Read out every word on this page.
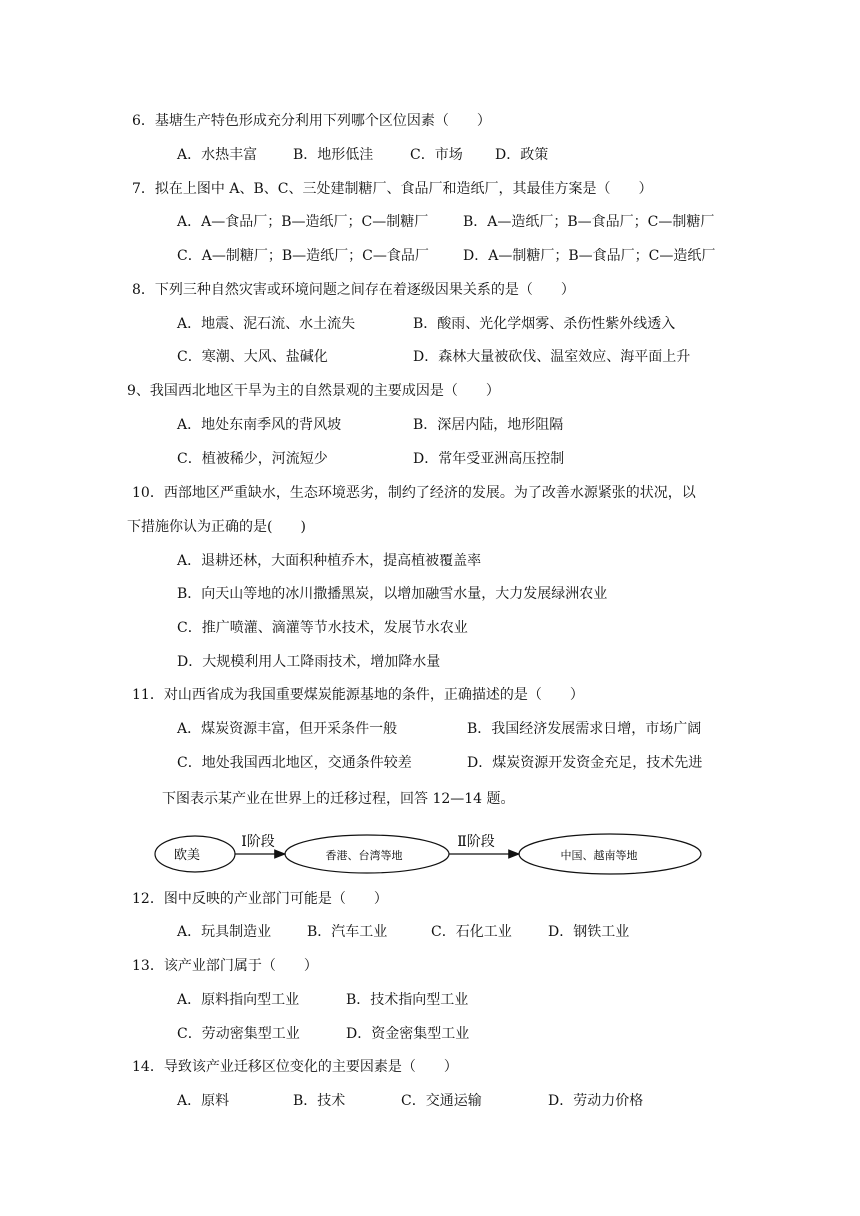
6．基塘生产特色形成充分利用下列哪个区位因素（　　）
A．水热丰富	B．地形低洼	C．市场 D．政策
7．拟在上图中 A、B、C、三处建制糖厂、食品厂和造纸厂，其最佳方案是（　　）
A．A—食品厂；B—造纸厂；C—制糖厂 B．A—造纸厂；B—食品厂；C—制糖厂
C．A—制糖厂；B—造纸厂；C—食品厂 D．A—制糖厂；B—食品厂；C—造纸厂
8．下列三种自然灾害或环境问题之间存在着逐级因果关系的是（　　）
A．地震、泥石流、水土流失	B．酸雨、光化学烟雾、杀伤性紫外线透入
C．寒潮、大风、盐碱化	D．森林大量被砍伐、温室效应、海平面上升
9、我国西北地区干旱为主的自然景观的主要成因是（　　）
A．地处东南季风的背风坡	B．深居内陆，地形阻隔
C．植被稀少，河流短少	D．常年受亚洲高压控制
10．西部地区严重缺水，生态环境恶劣，制约了经济的发展。为了改善水源紧张的状况，以
下措施你认为正确的是(　　)
A．退耕还林，大面积种植乔木，提高植被覆盖率
B．向天山等地的冰川撒播黑炭，以增加融雪水量，大力发展绿洲农业
C．推广喷灌、滴灌等节水技术，发展节水农业
D．大规模利用人工降雨技术，增加降水量
11．对山西省成为我国重要煤炭能源基地的条件，正确描述的是（　　）
A．煤炭资源丰富，但开采条件一般	B．我国经济发展需求日增，市场广阔
C．地处我国西北地区，交通条件较差	D．煤炭资源开发资金充足，技术先进
下图表示某产业在世界上的迁移过程，回答 12—14 题。
欧美
Ⅰ阶段
香港、台湾等地
Ⅱ阶段
中国、越南等地
12．图中反映的产业部门可能是（　　）
A．玩具制造业	B．汽车工业	C．石化工业	D．钢铁工业
13．该产业部门属于（　　）
A．原料指向型工业	B．技术指向型工业
C．劳动密集型工业	D．资金密集型工业
14．导致该产业迁移区位变化的主要因素是（　　）
A．原料	B．技术	C．交通运输	D．劳动力价格
